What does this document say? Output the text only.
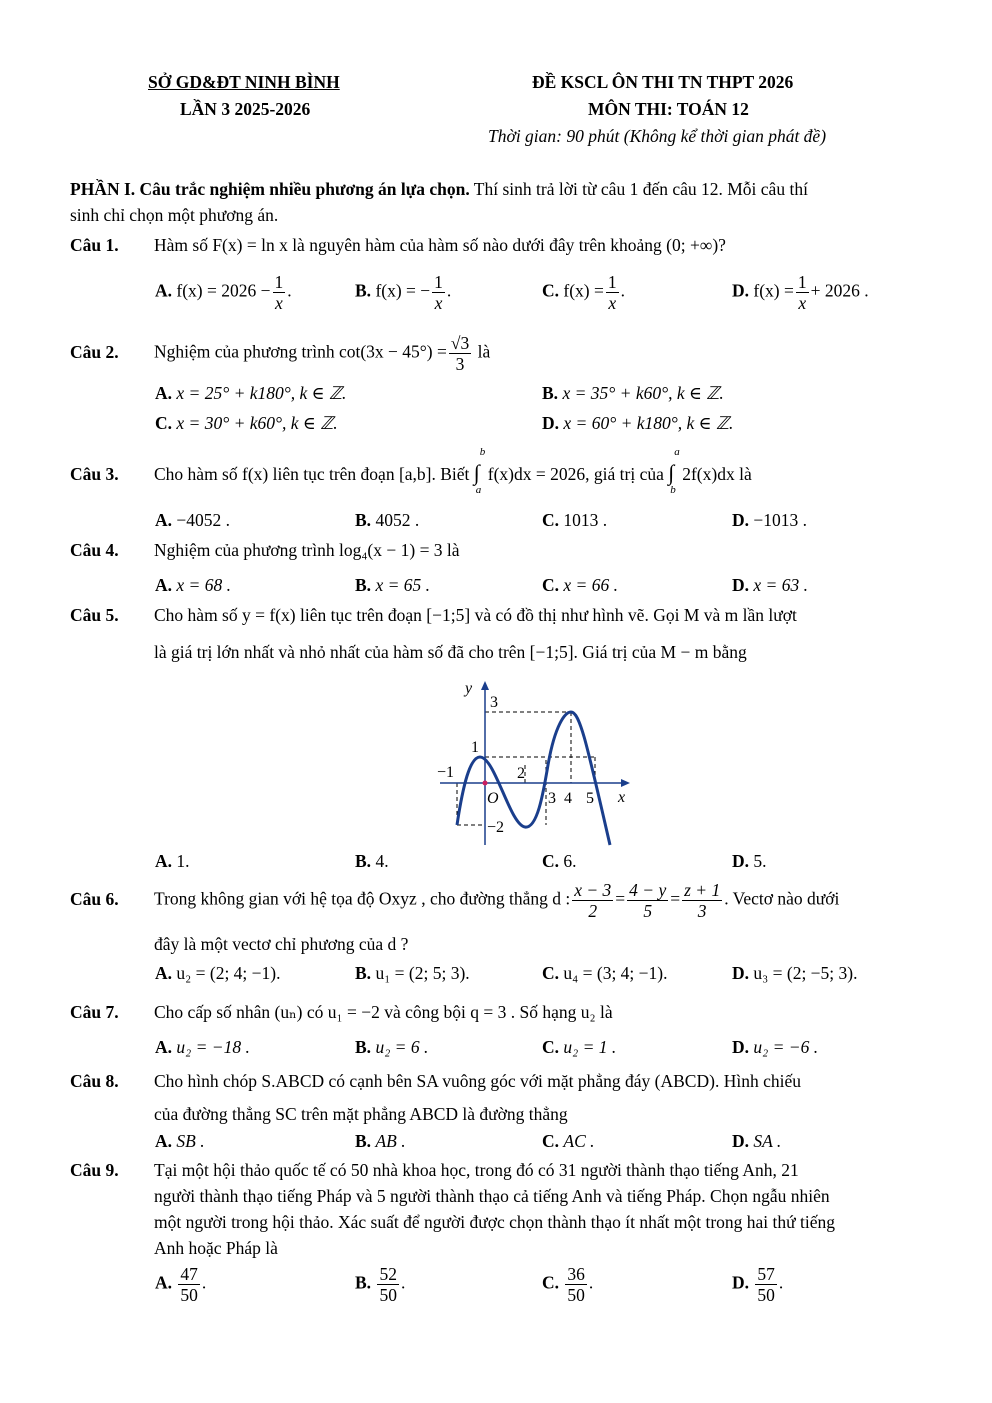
SỞ GD&ĐT NINH BÌNH
LẦN 3 2025-2026
ĐỀ KSCL ÔN THI TN THPT 2026
MÔN THI: TOÁN 12
Thời gian: 90 phút (Không kể thời gian phát đề)
PHẦN I. Câu trắc nghiệm nhiều phương án lựa chọn. Thí sinh trả lời từ câu 1 đến câu 12. Mỗi câu thí
sinh chỉ chọn một phương án.
Câu 1. Hàm số F(x) = ln x là nguyên hàm của hàm số nào dưới đây trên khoảng (0; +∞)?
A. $f(x) = 2026 - \frac{1}{x}$ .	B. f(x) = − $\frac{1}{x}$ .	C. $f(x) = \frac{1}{x}$ .	D. $f(x) = \frac{1}{x} + 2026$ .
Câu 2. Nghiệm của phương trình $\cot(3x - 45^\circ) = \frac{√3}{3}$ là
A. x = 25° + k180°, k ∈ ℤ.	B. x = 35° + k60°, k ∈ ℤ.
C. x = 30° + k60°, k ∈ ℤ.	D. x = 60° + k180°, k ∈ ℤ.
Câu 3. Cho hàm số f(x) liên tục trên đoạn [a,b]. Biết ∫
b
a
f(x)dx = 2026, giá trị của ∫
a
b
2f(x)dx là
A. −4052 .	B. 4052 .	C. 1013 .	D. −1013 .
Câu 4. Nghiệm của phương trình log₄(x − 1) = 3 là
A. x = 68 .	B. x = 65 .	C. x = 66 .	D. x = 63 .
Câu 5. Cho hàm số y = f(x) liên tục trên đoạn [−1;5] và có đồ thị như hình vẽ. Gọi M và m lần lượt
là giá trị lớn nhất và nhỏ nhất của hàm số đã cho trên [−1;5]. Giá trị của M − m bằng
y
x
O
3
1
−2
−1	2
3 4 5
A. 1.	B. 4.	C. 6.	D. 5.
Câu 6. Trong không gian với hệ tọa độ Oxyz , cho đường thẳng d : $\frac{x - 3}{2} = \frac{4 - y}{5} = \frac{z + 1}{3}$ . Vectơ nào dưới
đây là một vectơ chỉ phương của d ?
A. u₂ = (2; 4; −1).	B. u₁ = (2; 5; 3).	C. u₄ = (3; 4; −1).	D. u₃ = (2; −5; 3).
Câu 7. Cho cấp số nhân (uₙ) có u₁ = −2 và công bội q = 3 . Số hạng u₂ là
A. u₂ = −18 .	B. u₂ = 6 .	C. u₂ = 1 .	D. u₂ = −6 .
Câu 8. Cho hình chóp S.ABCD có cạnh bên SA vuông góc với mặt phẳng đáy (ABCD). Hình chiếu
của đường thẳng SC trên mặt phẳng ABCD là đường thẳng
A. SB .	B. AB .	C. AC .	D. SA .
Câu 9. Tại một hội thảo quốc tế có 50 nhà khoa học, trong đó có 31 người thành thạo tiếng Anh, 21
người thành thạo tiếng Pháp và 5 người thành thạo cả tiếng Anh và tiếng Pháp. Chọn ngẫu nhiên
một người trong hội thảo. Xác suất để người được chọn thành thạo ít nhất một trong hai thứ tiếng
Anh hoặc Pháp là
A. $\frac{47}{50}$ .	B. $\frac{52}{50}$ .	C. $\frac{36}{50}$ .	D. $\frac{57}{50}$ .
